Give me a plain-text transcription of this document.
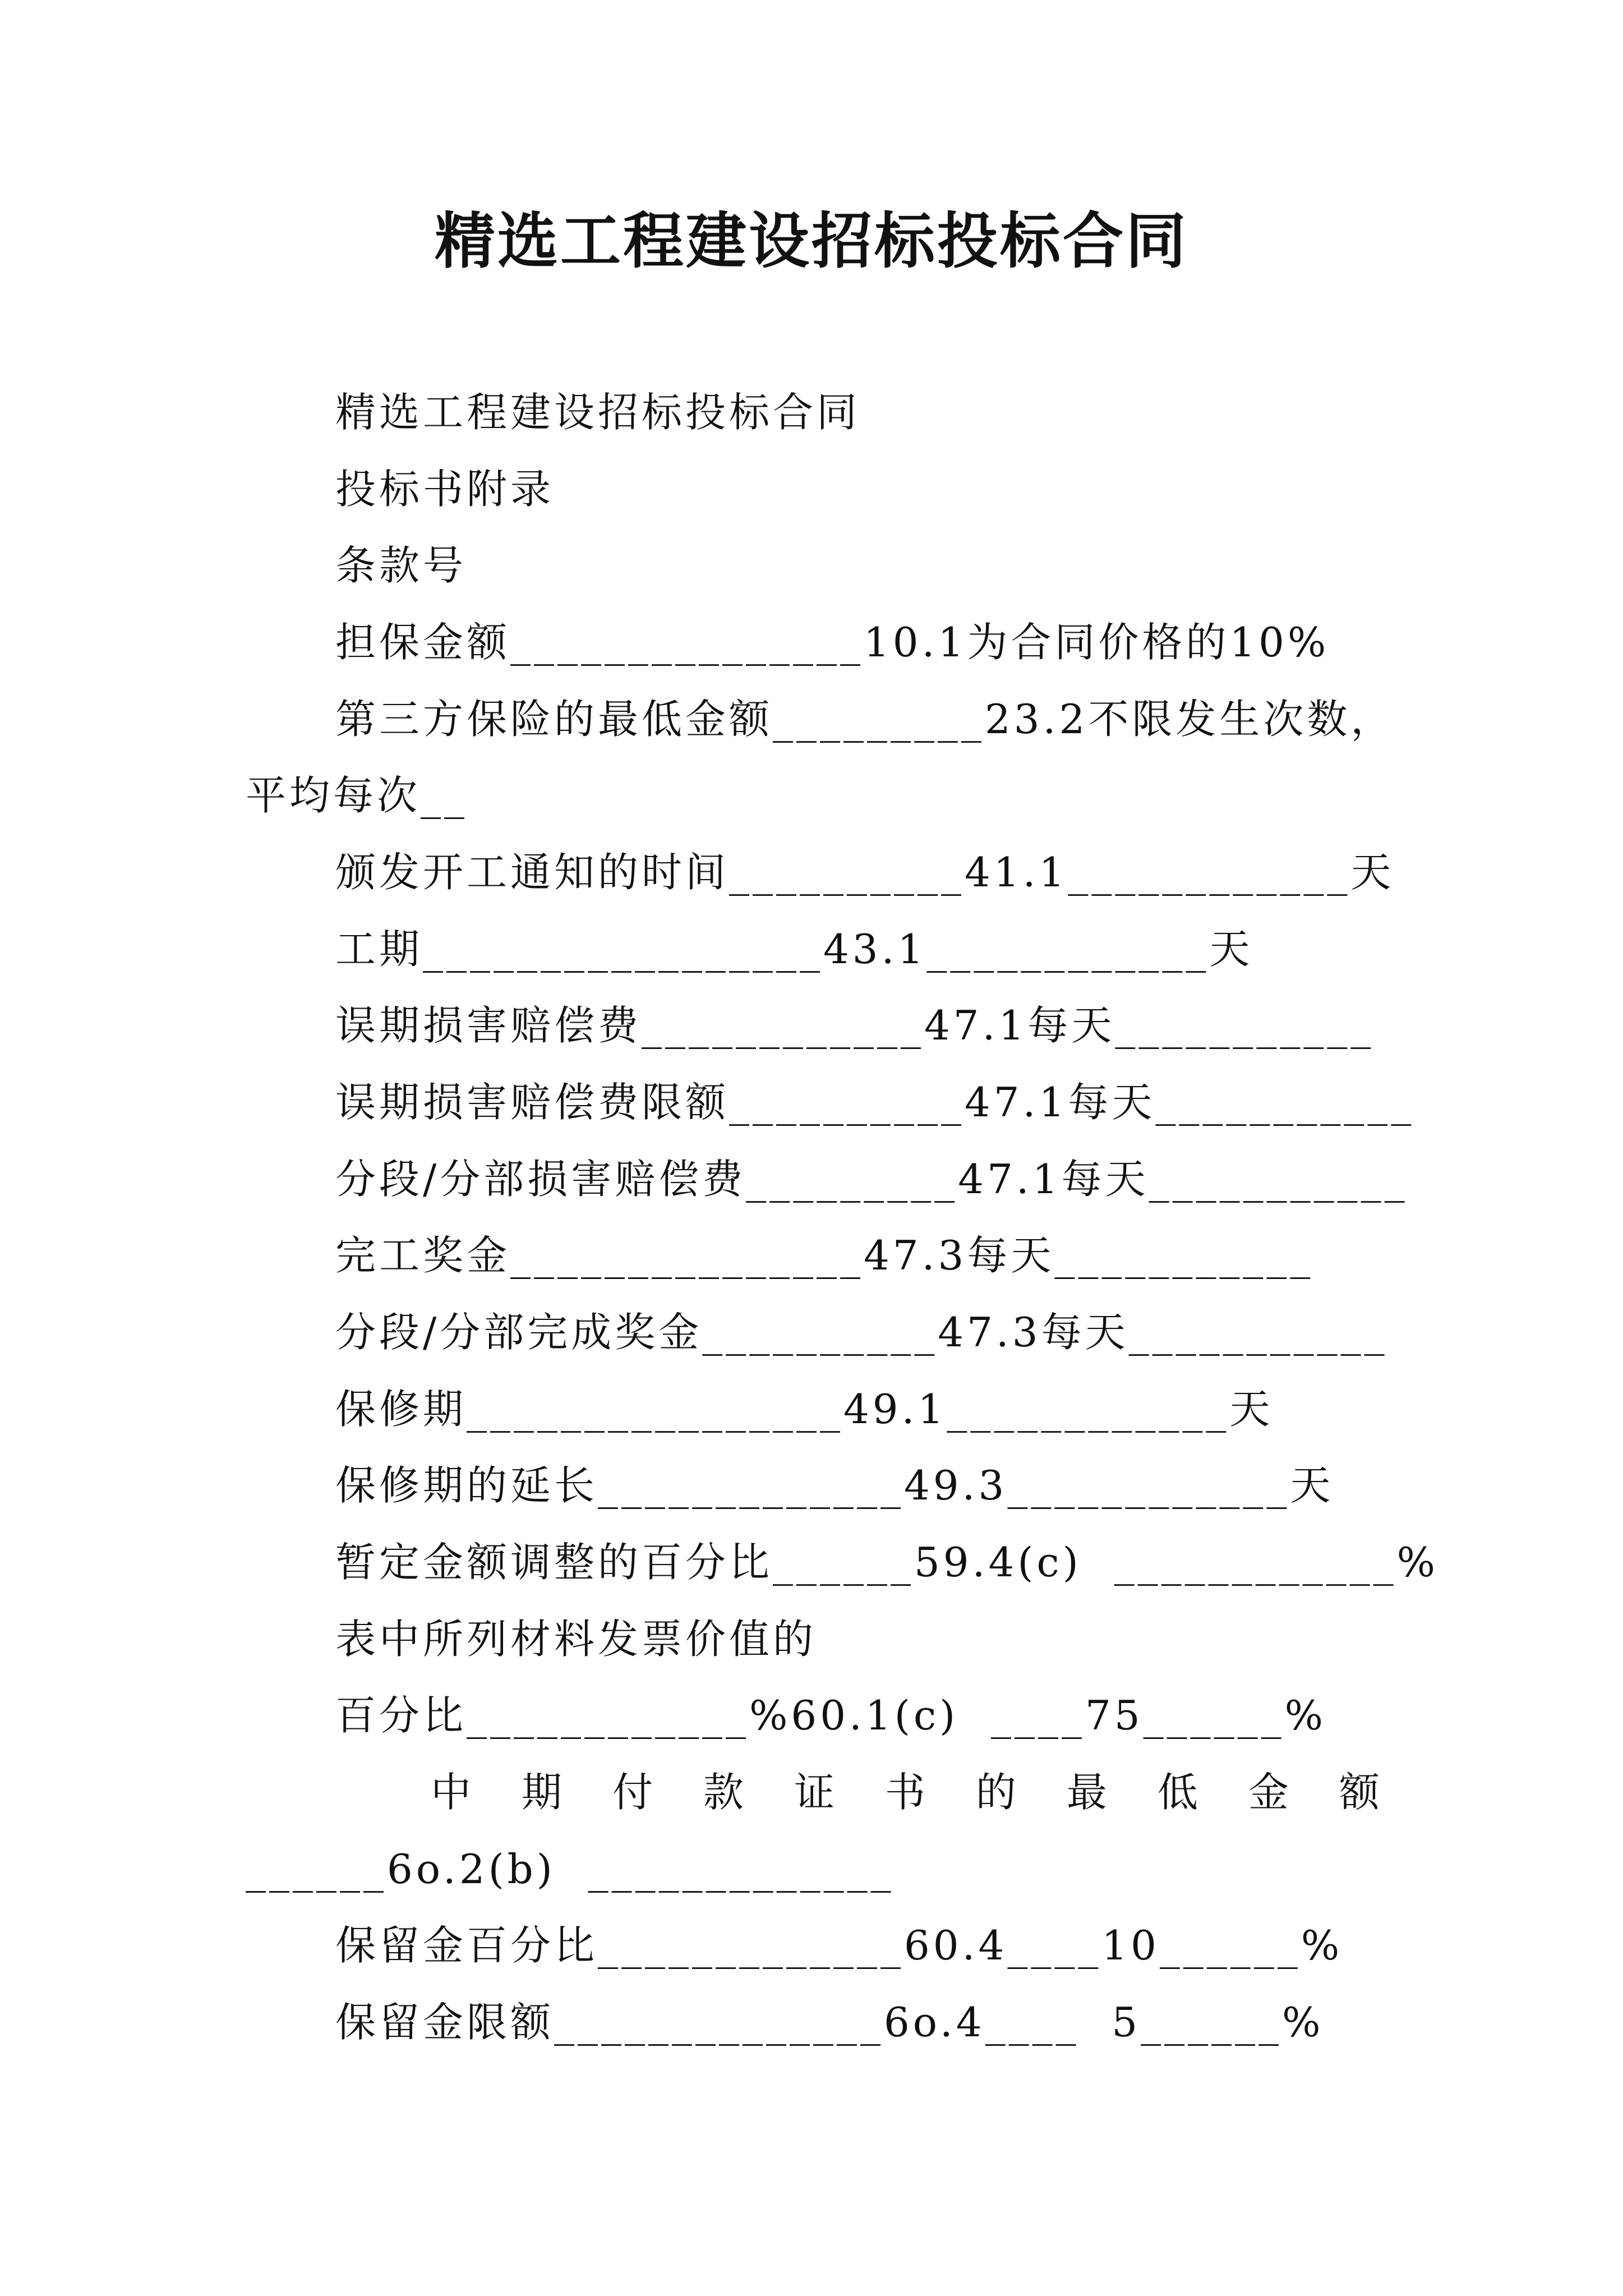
精选工程建设招标投标合同
精选工程建设招标投标合同
投标书附录
条款号
担保金额_______________10.1为合同价格的10%
第三方保险的最低金额_________23.2不限发生次数，
平均每次__
颁发开工通知的时间__________41.1____________天
工期_________________43.1____________天
误期损害赔偿费____________47.1每天___________
误期损害赔偿费限额__________47.1每天___________
分段/分部损害赔偿费_________47.1每天___________
完工奖金_______________47.3每天___________
分段/分部完成奖金__________47.3每天___________
保修期________________49.1____________天
保修期的延长_____________49.3____________天
暂定金额调整的百分比______59.4(c)  ____________%
表中所列材料发票价值的
百分比____________%60.1(c)  ____75______%
中 期 付 款 证 书 的 最 低 金 额
______6o.2(b)  _____________
保留金百分比_____________60.4____10______%
保留金限额______________6o.4____  5______%
